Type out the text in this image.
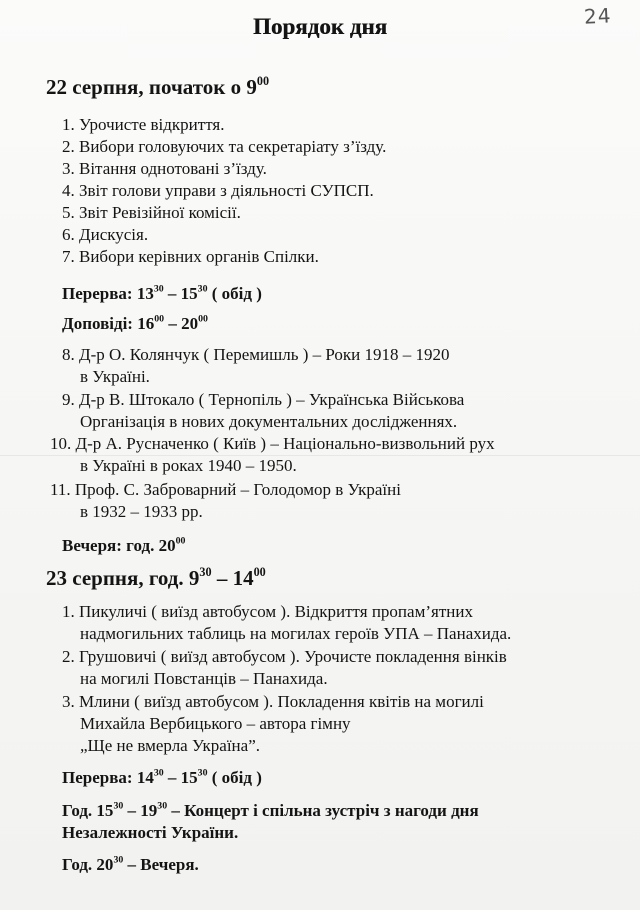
Порядок дня	24
22 серпня, початок о $9^{00}$
1. Урочисте відкриття.
2. Вибори головуючих та секретаріату з’їзду.
3. Вітання однотовані з’їзду.
4. Звіт голови управи з діяльності СУПСП.
5. Звіт Ревізійної комісії.
6. Дискусія.
7. Вибори керівних органів Спілки.
Перерва: $13^{30} - 15^{30}$ ( обід )
Доповіді: $16^{00} - 20^{00}$
8. Д-р О. Колянчук ( Перемишль ) – Роки 1918 – 1920
в Україні.
9. Д-р В. Штокало ( Тернопіль ) – Українська Військова
Організація в нових документальних дослідженнях.
10. Д-р А. Русначенко ( Київ ) – Національно-визвольний рух
в Україні в роках 1940 – 1950.
11. Проф. С. Заброварний – Голодомор в Україні
в 1932 – 1933 рр.
Вечеря: год. $20^{00}$
23 серпня, год. $9^{30} - 14^{00}$
1. Пикуличі ( виїзд автобусом ). Відкриття пропам’ятних
надмогильних таблиць на могилах героїв УПА – Панахида.
2. Грушовичі ( виїзд автобусом ). Урочисте покладення вінків
на могилі Повстанців – Панахида.
3. Млини ( виїзд автобусом ). Покладення квітів на могилі
Михайла Вербицького – автора гімну
„Ще не вмерла Україна”.
Перерва: $14^{30} - 15^{30}$ ( обід )
Год. $15^{30} - 19^{30}$ – Концерт і спільна зустріч з нагоди дня
Незалежності України.
Год. $20^{30}$ – Вечеря.
